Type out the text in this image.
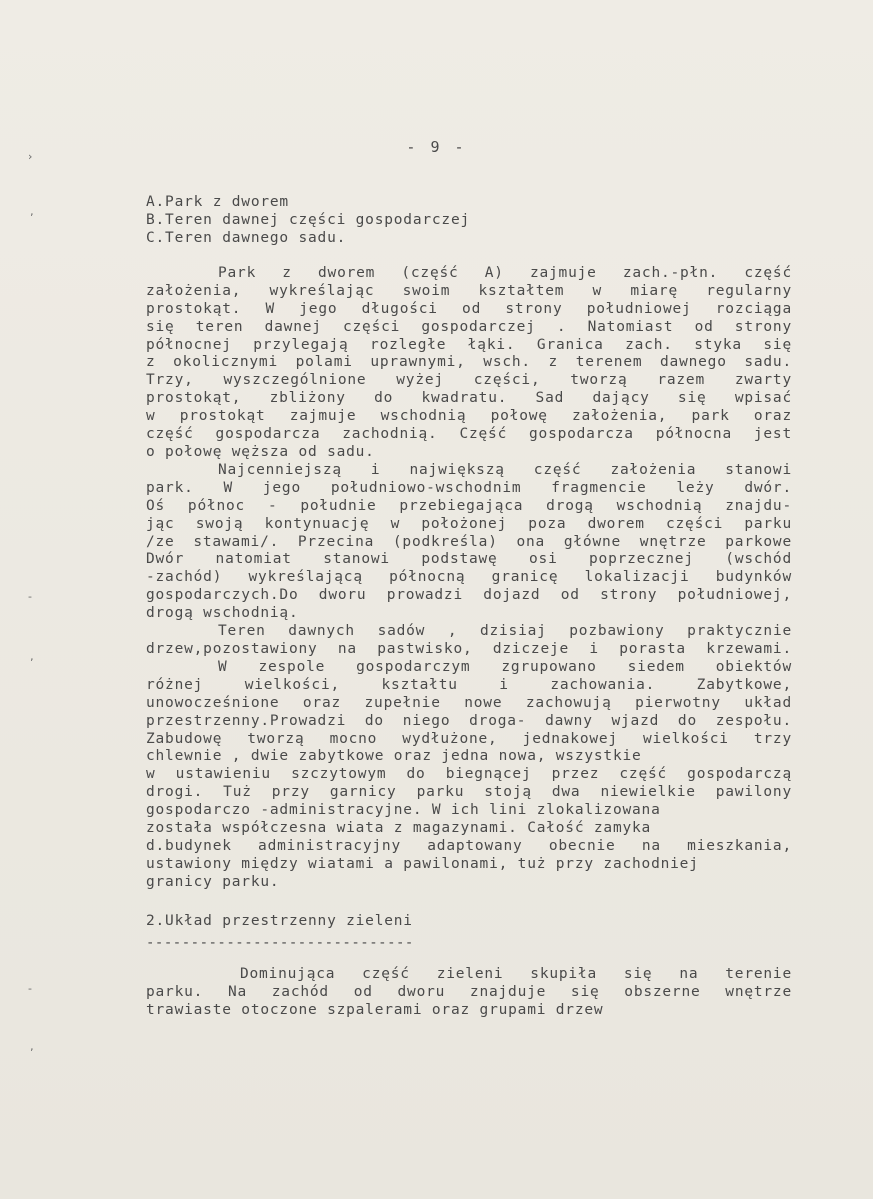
›
‚
-
‚
-
‚
- 9 -
A.Park z dworem
B.Teren dawnej części gospodarczej
C.Teren dawnego sadu.
Park z dworem (część A) zajmuje zach.-płn. część
założenia, wykreślając swoim kształtem w miarę regularny
prostokąt. W jego długości od strony południowej rozciąga
się teren dawnej części gospodarczej . Natomiast od strony
północnej przylegają rozległe łąki. Granica zach. styka się
z okolicznymi polami uprawnymi, wsch. z terenem dawnego sadu.
Trzy, wyszczególnione wyżej części, tworzą razem zwarty
prostokąt, zbliżony do kwadratu. Sad dający się wpisać
w prostokąt zajmuje wschodnią połowę założenia, park oraz
część gospodarcza zachodnią. Część gospodarcza północna jest
o połowę węższa od sadu.
Najcenniejszą i największą część założenia stanowi
park. W jego południowo-wschodnim fragmencie leży dwór.
Oś północ - południe przebiegająca drogą wschodnią znajdu-
jąc swoją kontynuację w położonej poza dworem części parku
/ze stawami/. Przecina (podkreśla) ona główne wnętrze parkowe
Dwór natomiat stanowi podstawę osi poprzecznej (wschód
-zachód) wykreślającą północną granicę lokalizacji budynków
gospodarczych.Do dworu prowadzi dojazd od strony południowej,
drogą wschodnią.
Teren dawnych sadów , dzisiaj pozbawiony praktycznie
drzew,pozostawiony na pastwisko, dziczeje i porasta krzewami.
W zespole gospodarczym zgrupowano siedem obiektów
różnej wielkości, kształtu i zachowania. Zabytkowe,
unowocześnione oraz zupełnie nowe zachowują pierwotny układ
przestrzenny.Prowadzi do niego droga- dawny wjazd do zespołu.
Zabudowę tworzą mocno wydłużone, jednakowej wielkości trzy
chlewnie , dwie zabytkowe oraz jedna nowa, wszystkie
w ustawieniu szczytowym do biegnącej przez część gospodarczą
drogi. Tuż przy garnicy parku stoją dwa niewielkie pawilony
gospodarczo -administracyjne. W ich lini zlokalizowana
została współczesna wiata z magazynami. Całość zamyka
d.budynek administracyjny adaptowany obecnie na mieszkania,
ustawiony między wiatami a pawilonami, tuż przy zachodniej
granicy parku.
2.Układ przestrzenny zieleni
------------------------------
Dominująca część zieleni skupiła się na terenie
parku. Na zachód od dworu znajduje się obszerne wnętrze
trawiaste otoczone szpalerami oraz grupami drzew
